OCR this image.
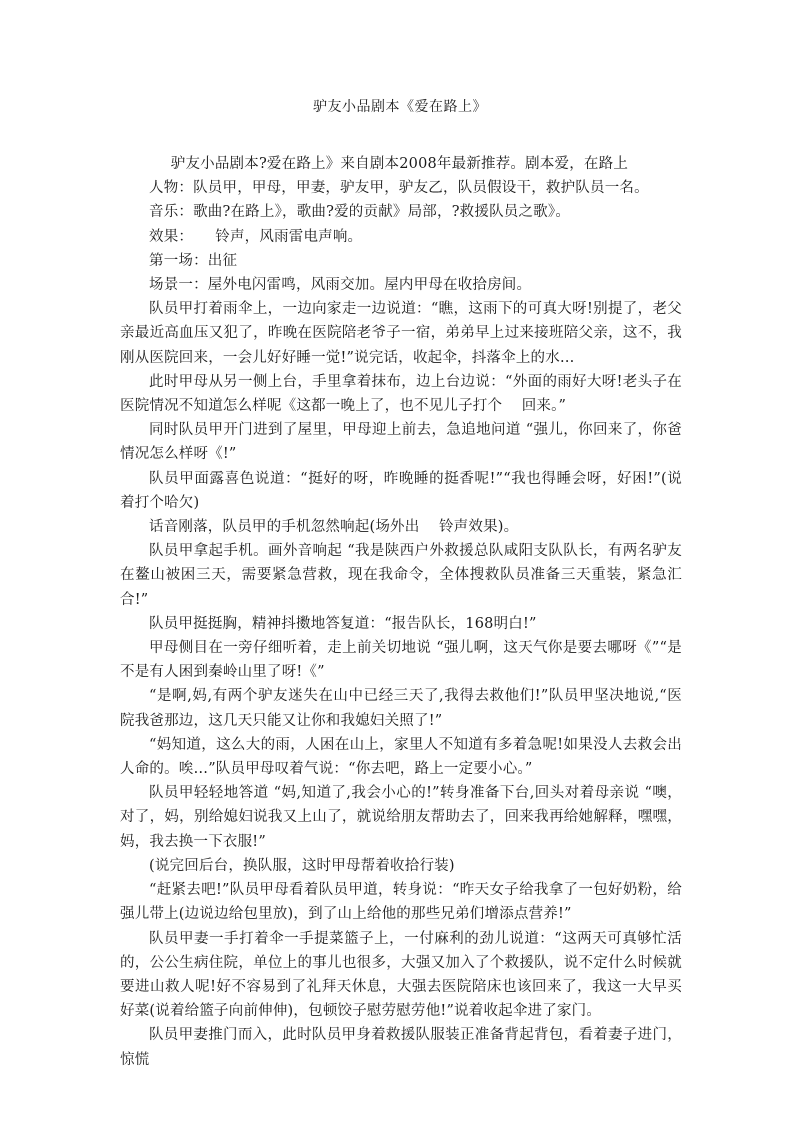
驴友小品剧本《爱在路上》

驴友小品剧本?爱在路上》来自剧本2008年最新推荐。剧本爱，在路上

人物：队员甲，甲母，甲妻，驴友甲，驴友乙，队员假设干，救护队员一名。

音乐：歌曲?在路上》，歌曲?爱的贡献》局部，?救援队员之歌》。

效果：　　铃声，风雨雷电声响。

第一场：出征

场景一：屋外电闪雷鸣，风雨交加。屋内甲母在收拾房间。

队员甲打着雨伞上，一边向家走一边说道：“瞧，这雨下的可真大呀!别提了，老父亲最近高血压又犯了，昨晚在医院陪老爷子一宿，弟弟早上过来接班陪父亲，这不，我刚从医院回来，一会儿好好睡一觉!”说完话，收起伞，抖落伞上的水…

此时甲母从另一侧上台，手里拿着抹布，边上台边说：“外面的雨好大呀!老头子在医院情况不知道怎么样呢《这都一晚上了，也不见儿子打个　 回来。”

同时队员甲开门进到了屋里，甲母迎上前去，急追地问道 “强儿，你回来了，你爸情况怎么样呀《!”

队员甲面露喜色说道：“挺好的呀，昨晚睡的挺香呢!”“我也得睡会呀，好困!”(说着打个哈欠)

话音刚落，队员甲的手机忽然响起(场外出　 铃声效果)。

队员甲拿起手机。画外音响起 “我是陕西户外救援总队咸阳支队队长，有两名驴友在鳌山被困三天，需要紧急营救，现在我命令，全体搜救队员准备三天重装，紧急汇合!”

队员甲挺挺胸，精神抖擞地答复道：“报告队长，168明白!”

甲母侧目在一旁仔细听着，走上前关切地说 “强儿啊，这天气你是要去哪呀《”“是不是有人困到秦岭山里了呀!《”

“是啊,妈,有两个驴友迷失在山中已经三天了,我得去救他们!”队员甲坚决地说,“医院我爸那边，这几天只能又让你和我媳妇关照了!”

“妈知道，这么大的雨，人困在山上，家里人不知道有多着急呢!如果没人去救会出人命的。唉…”队员甲母叹着气说：“你去吧，路上一定要小心。”

队员甲轻轻地答道 “妈,知道了,我会小心的!”转身准备下台,回头对着母亲说 “噢，对了，妈，别给媳妇说我又上山了，就说给朋友帮助去了，回来我再给她解释，嘿嘿，妈，我去换一下衣服!”

(说完回后台，换队服，这时甲母帮着收拾行装)

“赶紧去吧!”队员甲母看着队员甲道，转身说：“昨天女子给我拿了一包好奶粉，给强儿带上(边说边给包里放)，到了山上给他的那些兄弟们增添点营养!”

队员甲妻一手打着伞一手提菜篮子上，一付麻利的劲儿说道：“这两天可真够忙活的，公公生病住院，单位上的事儿也很多，大强又加入了个救援队，说不定什么时候就要进山救人呢!好不容易到了礼拜天休息，大强去医院陪床也该回来了，我这一大早买好菜(说着给篮子向前伸伸)，包顿饺子慰劳慰劳他!”说着收起伞进了家门。

队员甲妻推门而入，此时队员甲身着救援队服装正准备背起背包，看着妻子进门，惊慌
